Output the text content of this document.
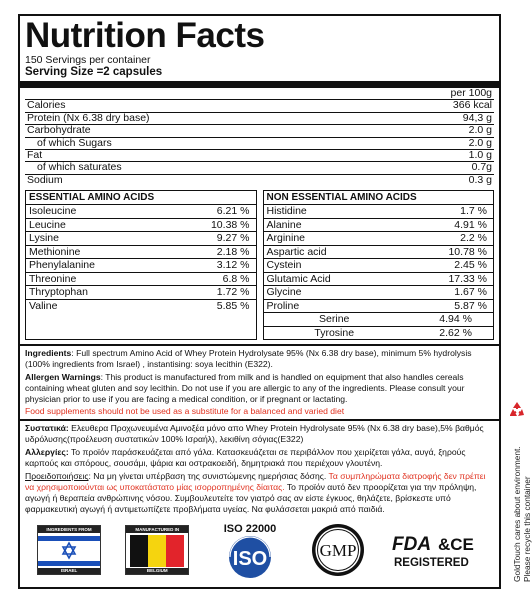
Nutrition Facts
150 Servings per container
Serving Size =2 capsules
	per 100g
Calories	366 kcal
Protein (Nx 6.38 dry base)	94,3 g
Carbohydrate	2.0 g
of which Sugars	2.0 g
Fat	1.0 g
of which saturates	0.7g
Sodium	0.3 g
ESSENTIAL AMINO ACIDS
Isoleucine	6.21 %
Leucine	10.38 %
Lysine	9.27 %
Methionine	2.18 %
Phenylalanine	3.12 %
Threonine	6.8 %
Thryptophan	1.72 %
Valine	5.85 %
NON ESSENTIAL AMINO ACIDS
Histidine	1.7 %
Alanine	4.91 %
Arginine	2.2 %
Aspartic acid	10.78 %
Cystein	2.45 %
Glutamic Acid	17.33 %
Glycine	1.67 %
Proline	5.87 %
Serine	4.94 %
Tyrosine	2.62 %
Ingredients: Full spectrum Amino Acid of Whey Protein Hydrolysate 95% (Nx 6.38 dry base), minimum 5% hydrolysis (100% ingredients from Israel) , instantising: soya lecithin (E322).
Allergen Warnings: This product is manufactured from milk and is handled on equipment that also handles cereals containing wheat gluten and soy lecithin. Do not use if you are allergic to any of the ingredients. Please consult your physician prior to use if you are facing a medical condition, or if pregnant or lactating.
Food supplements should not be used as a substitute for a balanced and varied diet
Συστατικά: Ελευθερα Προχωνευμένα Αμινοξέα μόνο απο Whey Protein Hydrolysate 95% (Nx 6.38 dry base),5% βαθμός υδρόλυσης(πρoέλευση συστατικών 100% Ισραήλ), λεκιθίνη σόγιας(E322)
Αλλεργίες: Το προϊόν παράσκευάζεται από γάλα. Κατασκευάζεται σε περιβάλλον που χειρίζεται γάλα, αυγά, ξηρούς καρπούς και σπόρους, σουσάμι, ψάρια και οστρακοειδή, δημητριακά που περιέχουν γλουτένη.
Προειδοποιήσεις: Να μη γίνεται υπέρβαση της συνιστώμενης ημερήσιας δόσης. Τα συμπληρώματα διατροφής δεν πρέπει να χρησιμοποιούνται ως υποκατάστατο μίας ισορροπημένης δίαιτας. Το προϊόν αυτό δεν προορίζεται για την πρόληψη, αγωγή ή θεραπεία ανθρώπινης νόσου. Συμβουλευτείτε τον γιατρό σας αν είστε έγκυος, θηλάζετε, βρίσκεστε υπό φαρμακευτική αγωγή ή αντιμετωπίζετε προβλήματα υγείας. Να φυλάσσεται μακριά από παιδιά.
INGREDIENTS FROM
ISRAEL
MANUFACTURED IN
BELGIUM
ISO 22000
ISO	GMP FDA &CE
REGISTERED	GoldTouch cares about environment. Please recycle this container
